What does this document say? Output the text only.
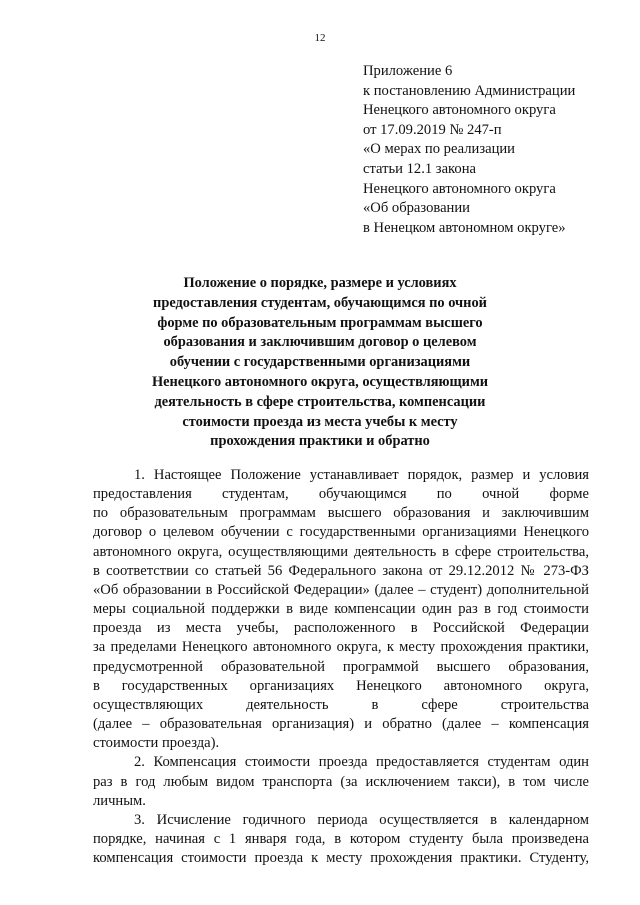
12
Приложение 6
к постановлению Администрации
Ненецкого автономного округа
от 17.09.2019 № 247-п
«О мерах по реализации
статьи 12.1 закона
Ненецкого автономного округа
«Об образовании
в Ненецком автономном округе»
Положение о порядке, размере и условиях
предоставления студентам, обучающимся по очной
форме по образовательным программам высшего
образования и заключившим договор о целевом
обучении с государственными организациями
Ненецкого автономного округа, осуществляющими
деятельность в сфере строительства, компенсации
стоимости проезда из места учебы к месту
прохождения практики и обратно
1. Настоящее Положение устанавливает порядок, размер и условия
предоставления студентам, обучающимся по очной форме
по образовательным программам высшего образования и заключившим
договор о целевом обучении с государственными организациями Ненецкого
автономного округа, осуществляющими деятельность в сфере строительства,
в соответствии со статьей 56 Федерального закона от 29.12.2012 № 273-ФЗ
«Об образовании в Российской Федерации» (далее – студент) дополнительной
меры социальной поддержки в виде компенсации один раз в год стоимости
проезда из места учебы, расположенного в Российской Федерации
за пределами Ненецкого автономного округа, к месту прохождения практики,
предусмотренной образовательной программой высшего образования,
в государственных организациях Ненецкого автономного округа,
осуществляющих деятельность в сфере строительства
(далее – образовательная организация) и обратно (далее – компенсация
стоимости проезда).
2. Компенсация стоимости проезда предоставляется студентам один
раз в год любым видом транспорта (за исключением такси), в том числе
личным.
3. Исчисление годичного периода осуществляется в календарном
порядке, начиная с 1 января года, в котором студенту была произведена
компенсация стоимости проезда к месту прохождения практики. Студенту,
